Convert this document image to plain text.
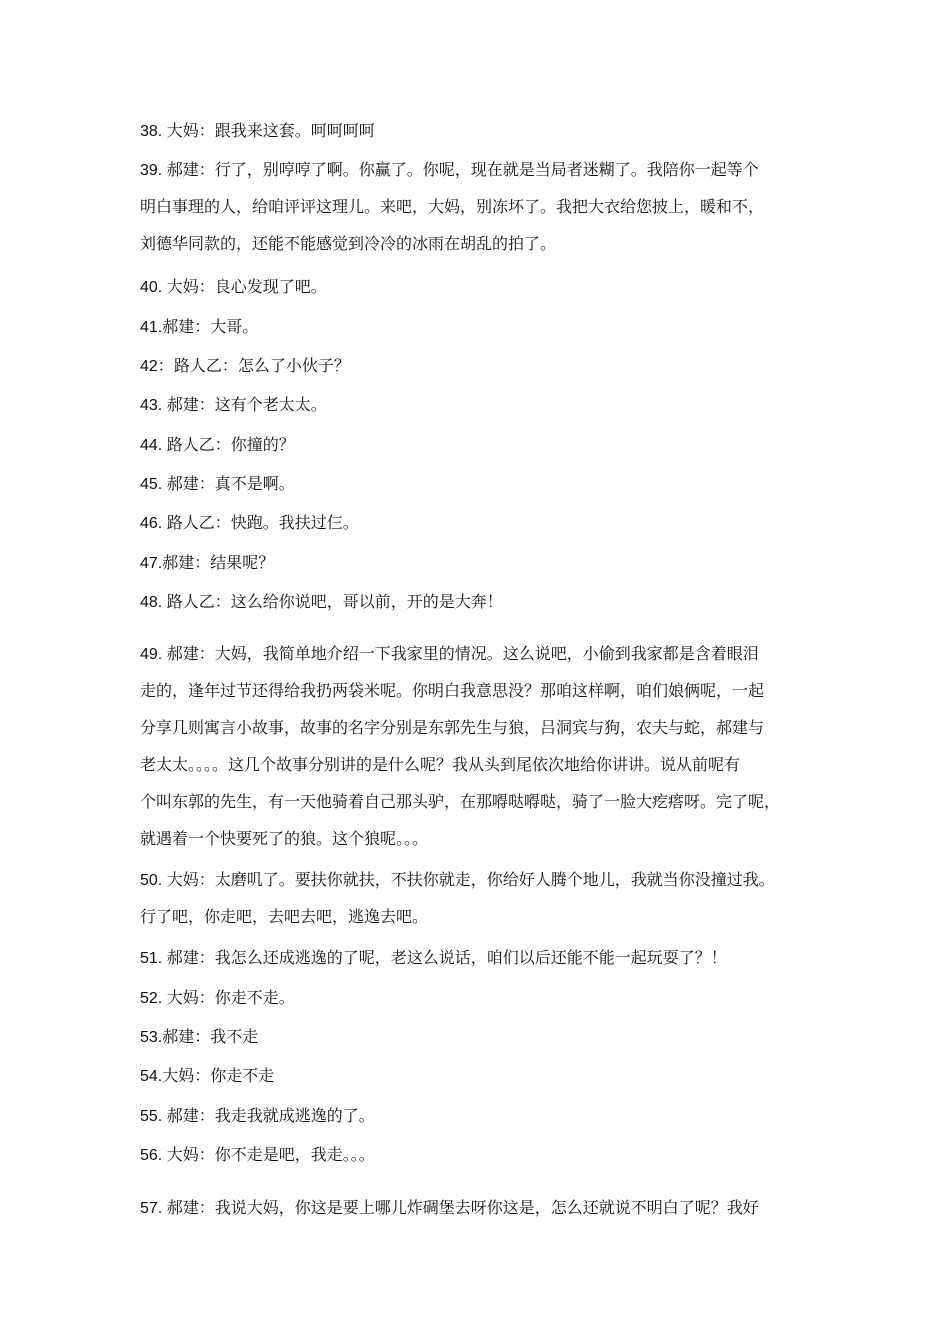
38. 大妈：跟我来这套。呵呵呵呵
39. 郝建：行了，别哼哼了啊。你赢了。你呢，现在就是当局者迷糊了。我陪你一起等个
明白事理的人，给咱评评这理儿。来吧，大妈，别冻坏了。我把大衣给您披上，暖和不，
刘德华同款的，还能不能感觉到冷冷的冰雨在胡乱的拍了。
40. 大妈：良心发现了吧。
41.郝建：大哥。
42：路人乙：怎么了小伙子？
43. 郝建：这有个老太太。
44. 路人乙：你撞的？
45. 郝建：真不是啊。
46. 路人乙：快跑。我扶过仨。
47.郝建：结果呢？
48. 路人乙：这么给你说吧，哥以前，开的是大奔！
49. 郝建：大妈，我简单地介绍一下我家里的情况。这么说吧，小偷到我家都是含着眼泪
走的，逢年过节还得给我扔两袋米呢。你明白我意思没？那咱这样啊，咱们娘俩呢，一起
分享几则寓言小故事，故事的名字分别是东郭先生与狼，吕洞宾与狗，农夫与蛇，郝建与
老太太。。。。这几个故事分别讲的是什么呢？我从头到尾依次地给你讲讲。说从前呢有
个叫东郭的先生，有一天他骑着自己那头驴，在那嘚哒嘚哒，骑了一脸大疙瘩呀。完了呢，
就遇着一个快要死了的狼。这个狼呢。。。
50. 大妈：太磨叽了。要扶你就扶，不扶你就走，你给好人腾个地儿，我就当你没撞过我。
行了吧，你走吧，去吧去吧，逃逸去吧。
51. 郝建：我怎么还成逃逸的了呢，老这么说话，咱们以后还能不能一起玩耍了？！
52. 大妈：你走不走。
53.郝建：我不走
54.大妈：你走不走
55. 郝建：我走我就成逃逸的了。
56. 大妈：你不走是吧，我走。。。
57. 郝建：我说大妈，你这是要上哪儿炸碉堡去呀你这是，怎么还就说不明白了呢？我好
